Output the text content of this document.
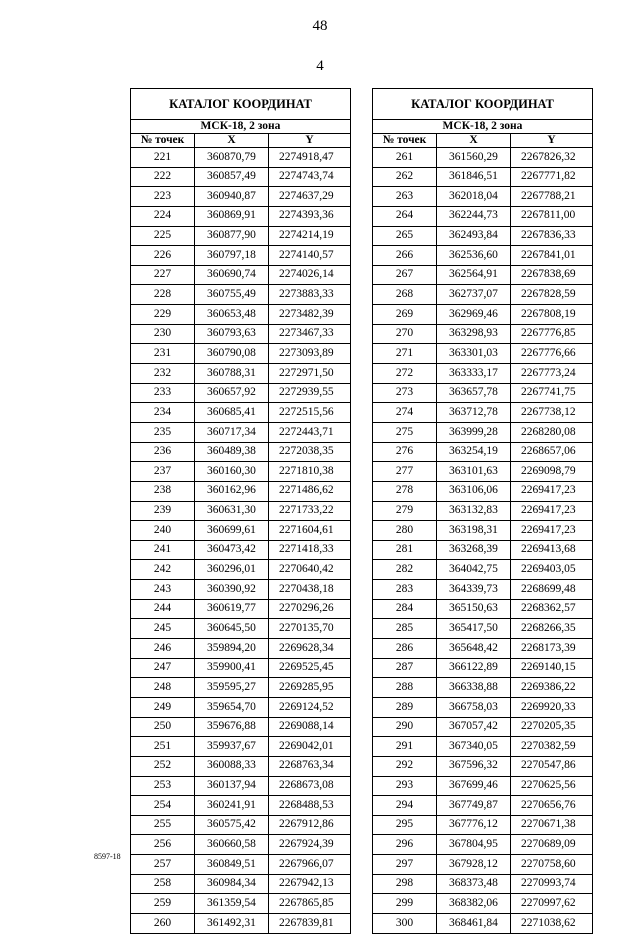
48
4
КАТАЛОГ КООРДИНАТ		
МСК-18, 2 зона		
№ точек	X	Y
221	360870,79	2274918,47
222	360857,49	2274743,74
223	360940,87	2274637,29
224	360869,91	2274393,36
225	360877,90	2274214,19
226	360797,18	2274140,57
227	360690,74	2274026,14
228	360755,49	2273883,33
229	360653,48	2273482,39
230	360793,63	2273467,33
231	360790,08	2273093,89
232	360788,31	2272971,50
233	360657,92	2272939,55
234	360685,41	2272515,56
235	360717,34	2272443,71
236	360489,38	2272038,35
237	360160,30	2271810,38
238	360162,96	2271486,62
239	360631,30	2271733,22
240	360699,61	2271604,61
241	360473,42	2271418,33
242	360296,01	2270640,42
243	360390,92	2270438,18
244	360619,77	2270296,26
245	360645,50	2270135,70
246	359894,20	2269628,34
247	359900,41	2269525,45
248	359595,27	2269285,95
249	359654,70	2269124,52
250	359676,88	2269088,14
251	359937,67	2269042,01
252	360088,33	2268763,34
253	360137,94	2268673,08
254	360241,91	2268488,53
255	360575,42	2267912,86
256	360660,58	2267924,39
257	360849,51	2267966,07
258	360984,34	2267942,13
259	361359,54	2267865,85
260	361492,31	2267839,81
КАТАЛОГ КООРДИНАТ		
МСК-18, 2 зона		
№ точек	X	Y
261	361560,29	2267826,32
262	361846,51	2267771,82
263	362018,04	2267788,21
264	362244,73	2267811,00
265	362493,84	2267836,33
266	362536,60	2267841,01
267	362564,91	2267838,69
268	362737,07	2267828,59
269	362969,46	2267808,19
270	363298,93	2267776,85
271	363301,03	2267776,66
272	363333,17	2267773,24
273	363657,78	2267741,75
274	363712,78	2267738,12
275	363999,28	2268280,08
276	363254,19	2268657,06
277	363101,63	2269098,79
278	363106,06	2269417,23
279	363132,83	2269417,23
280	363198,31	2269417,23
281	363268,39	2269413,68
282	364042,75	2269403,05
283	364339,73	2268699,48
284	365150,63	2268362,57
285	365417,50	2268266,35
286	365648,42	2268173,39
287	366122,89	2269140,15
288	366338,88	2269386,22
289	366758,03	2269920,33
290	367057,42	2270205,35
291	367340,05	2270382,59
292	367596,32	2270547,86
293	367699,46	2270625,56
294	367749,87	2270656,76
295	367776,12	2270671,38
296	367804,95	2270689,09
297	367928,12	2270758,60
298	368373,48	2270993,74
299	368382,06	2270997,62
300	368461,84	2271038,62
8597-18
